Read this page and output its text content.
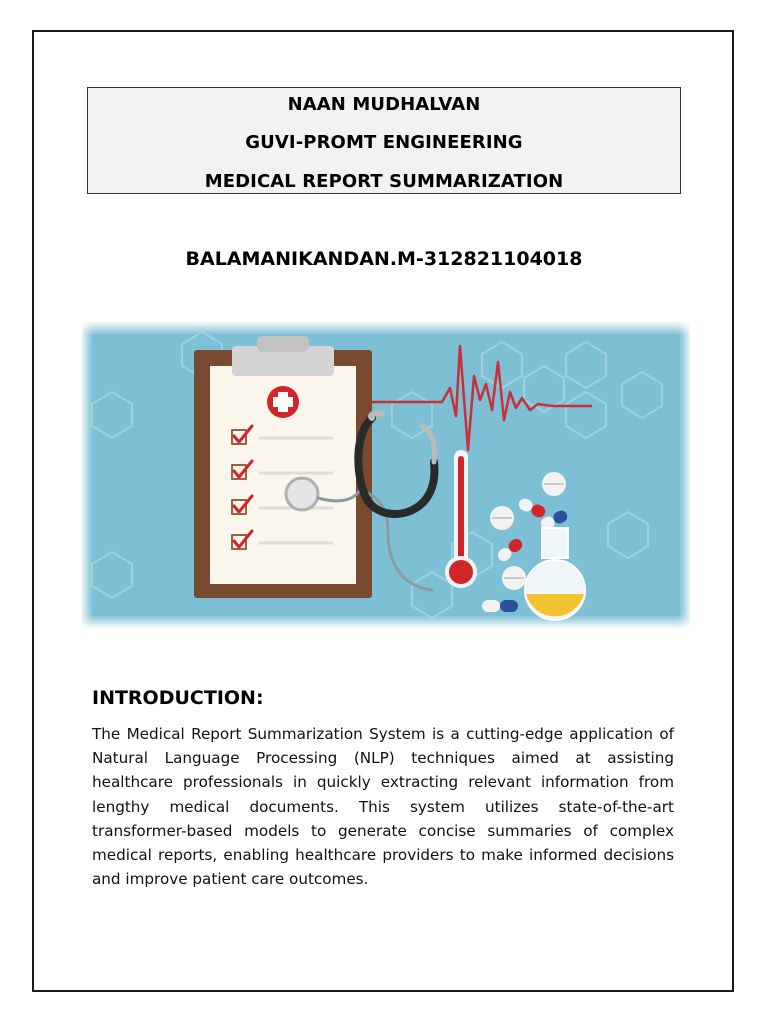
NAAN MUDHALVAN
GUVI-PROMT ENGINEERING
MEDICAL REPORT SUMMARIZATION
BALAMANIKANDAN.M-312821104018
INTRODUCTION:
The Medical Report Summarization System is a cutting-edge application of Natural Language Processing (NLP) techniques aimed at assisting healthcare professionals in quickly extracting relevant information from lengthy medical documents. This system utilizes state-of-the-art transformer-based models to generate concise summaries of complex medical reports, enabling healthcare providers to make informed decisions and improve patient care outcomes.
